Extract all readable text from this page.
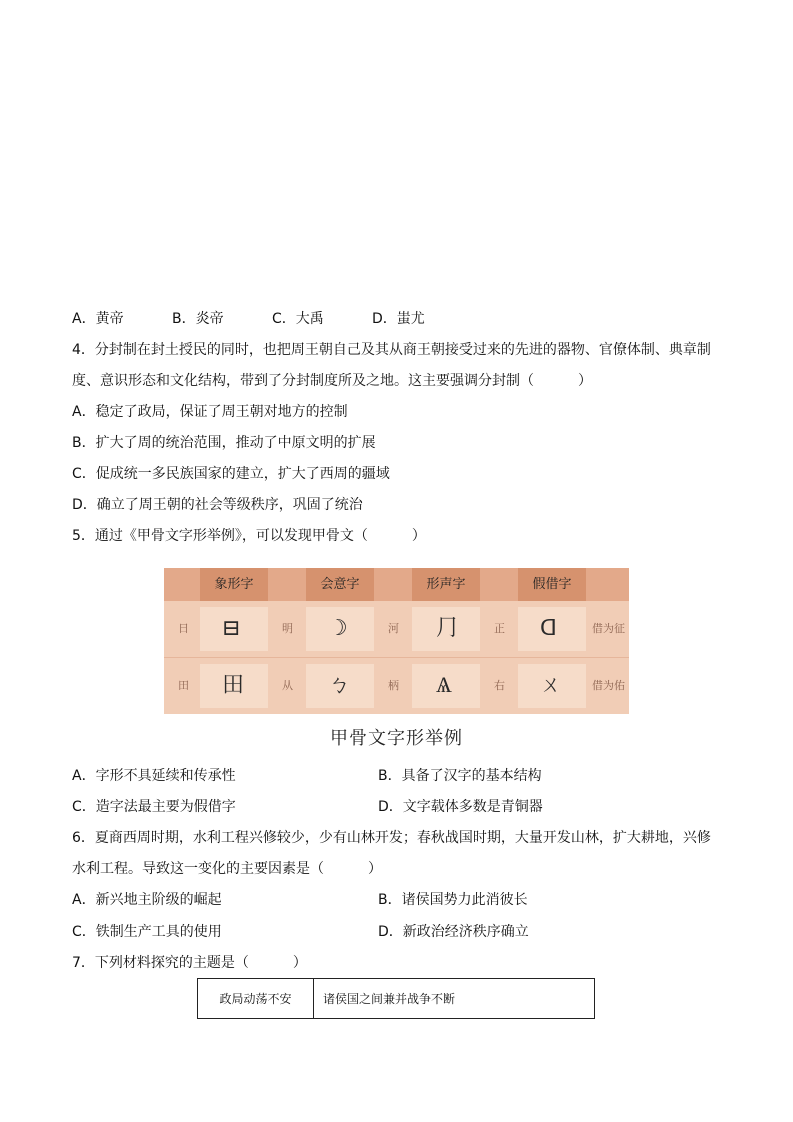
A．黄帝	B．炎帝	C．大禹	D．蚩尤
4．分封制在封土授民的同时，也把周王朝自己及其从商王朝接受过来的先进的器物、官僚体制、典章制
度、意识形态和文化结构，带到了分封制度所及之地。这主要强调分封制（	）
A．稳定了政局，保证了周王朝对地方的控制
B．扩大了周的统治范围，推动了中原文明的扩展
C．促成统一多民族国家的建立，扩大了西周的疆域
D．确立了周王朝的社会等级秩序，巩固了统治
5．通过《甲骨文字形举例》，可以发现甲骨文（	）
象形字	会意字	形声字	假借字
日 ⊟	明 ☽	河 ⺆	正 ᗡ	借为征
田 田	从 ㄅ	柄 Ѧ	右 ㄨ	借为佑
甲骨文字形举例
A．字形不具延续和传承性	B．具备了汉字的基本结构
C．造字法最主要为假借字	D．文字载体多数是青铜器
6．夏商西周时期，水利工程兴修较少，少有山林开发；春秋战国时期，大量开发山林，扩大耕地，兴修
水利工程。导致这一变化的主要因素是（	）
A．新兴地主阶级的崛起	B．诸侯国势力此消彼长
C．铁制生产工具的使用	D．新政治经济秩序确立
7．下列材料探究的主题是（	）
政局动荡不安	诸侯国之间兼并战争不断
